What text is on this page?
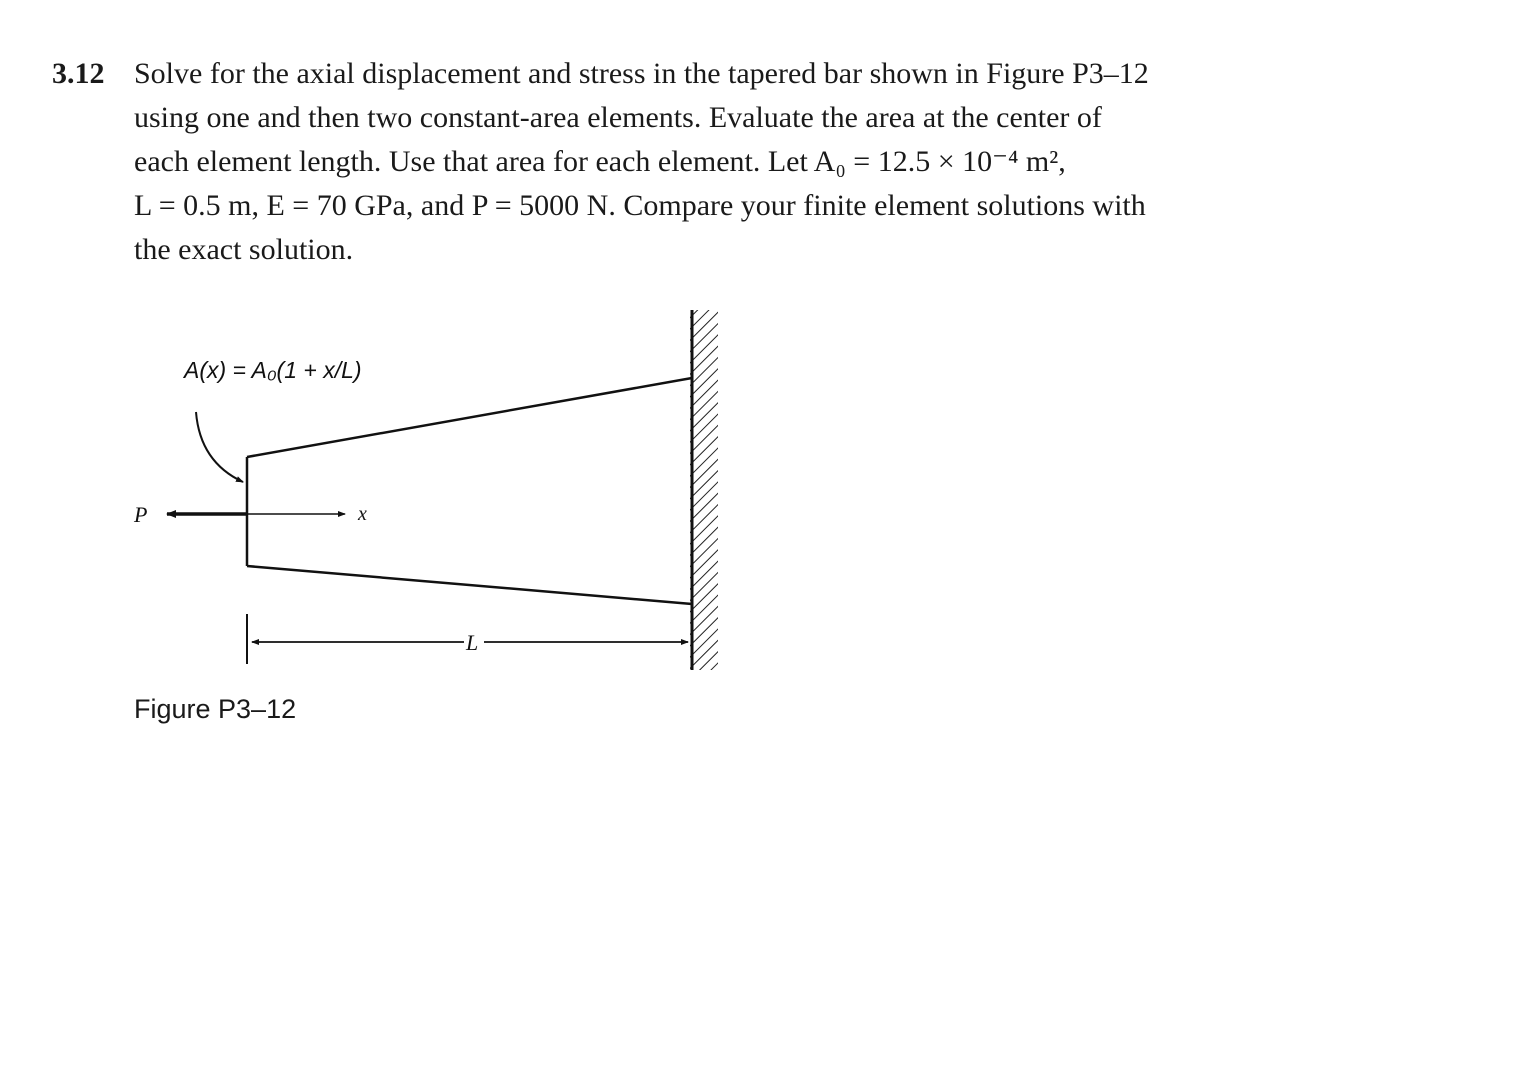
3.12 Solve for the axial displacement and stress in the tapered bar shown in Figure P3–12
using one and then two constant-area elements. Evaluate the area at the center of
each element length. Use that area for each element. Let A₀ = 12.5 × 10⁻⁴ m²,
L = 0.5 m, E = 70 GPa, and P = 5000 N. Compare your finite element solutions with
the exact solution.
P	x
A(x) = A₀(1 + x/L)
L
Figure P3–12
